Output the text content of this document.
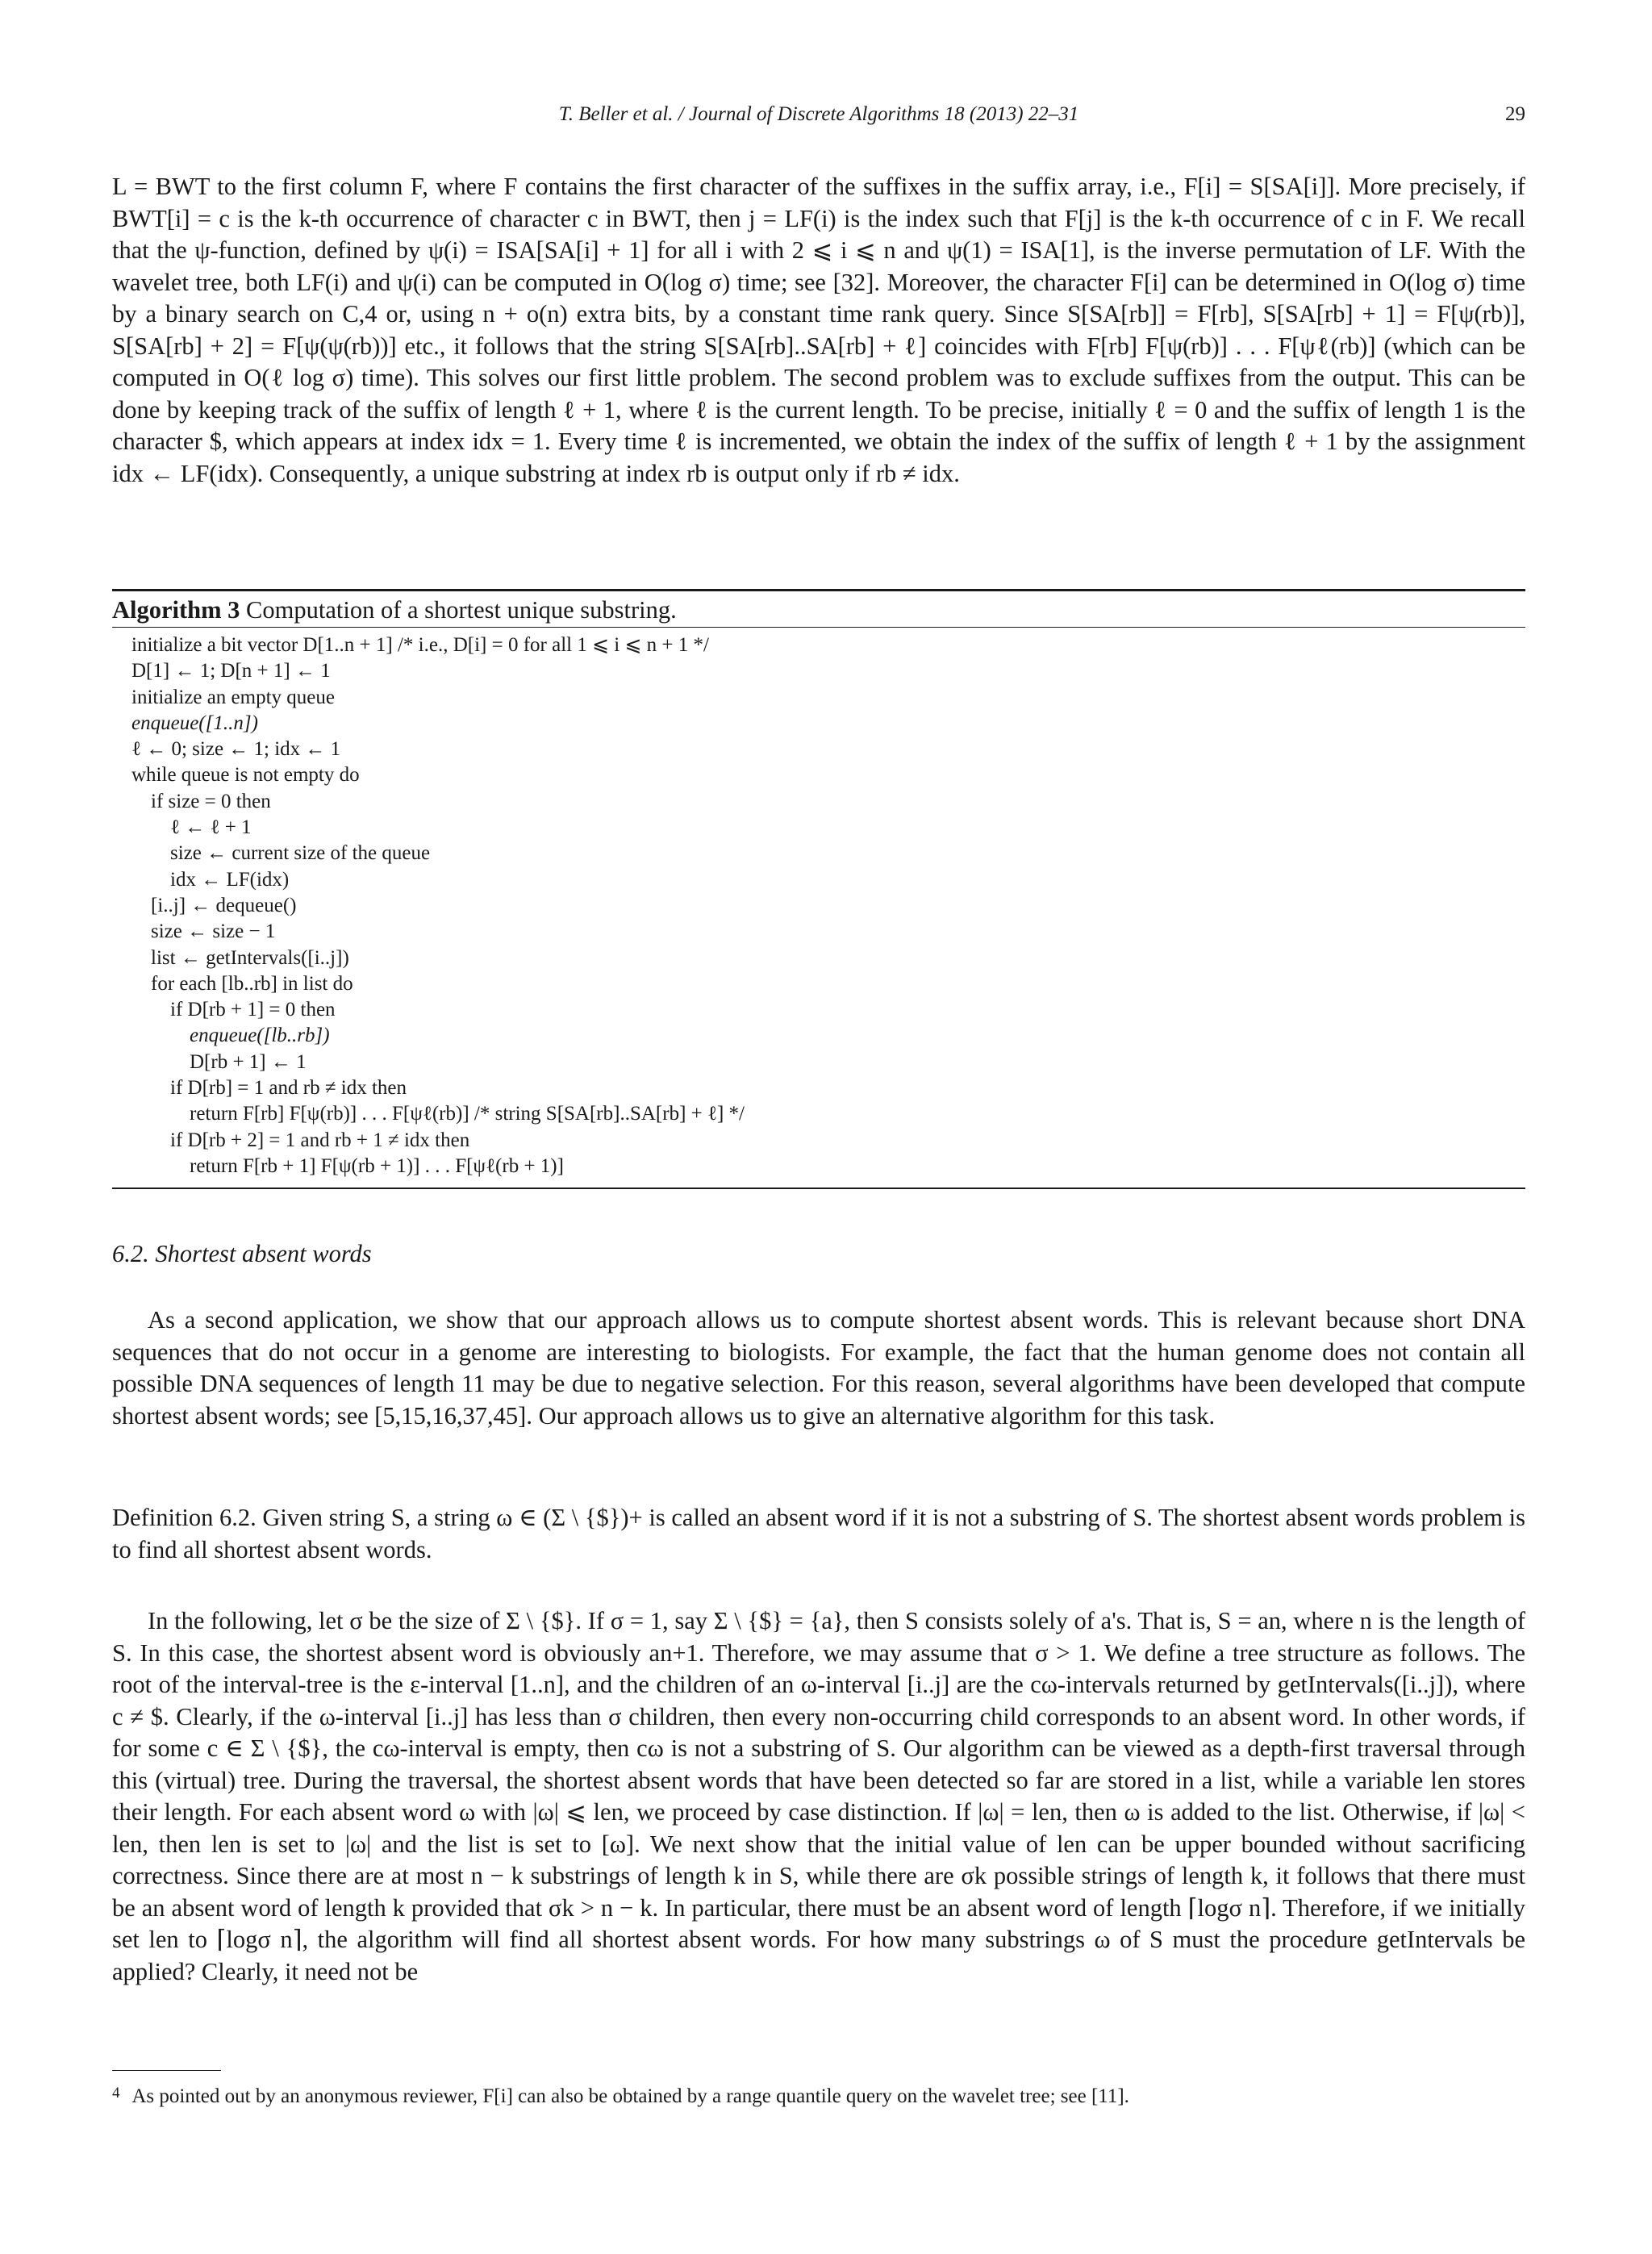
T. Beller et al. / Journal of Discrete Algorithms 18 (2013) 22–31	29

L = BWT to the first column F, where F contains the first character of the suffixes in the suffix array, i.e., F[i] = S[SA[i]]. More precisely, if BWT[i] = c is the k-th occurrence of character c in BWT, then j = LF(i) is the index such that F[j] is the k-th occurrence of c in F. We recall that the ψ-function, defined by ψ(i) = ISA[SA[i] + 1] for all i with 2 ⩽ i ⩽ n and ψ(1) = ISA[1], is the inverse permutation of LF. With the wavelet tree, both LF(i) and ψ(i) can be computed in O(log σ) time; see [32]. Moreover, the character F[i] can be determined in O(log σ) time by a binary search on C,4 or, using n + o(n) extra bits, by a constant time rank query. Since S[SA[rb]] = F[rb], S[SA[rb] + 1] = F[ψ(rb)], S[SA[rb] + 2] = F[ψ(ψ(rb))] etc., it follows that the string S[SA[rb]..SA[rb] + ℓ] coincides with F[rb] F[ψ(rb)] . . . F[ψℓ(rb)] (which can be computed in O(ℓ log σ) time). This solves our first little problem. The second problem was to exclude suffixes from the output. This can be done by keeping track of the suffix of length ℓ + 1, where ℓ is the current length. To be precise, initially ℓ = 0 and the suffix of length 1 is the character $, which appears at index idx = 1. Every time ℓ is incremented, we obtain the index of the suffix of length ℓ + 1 by the assignment idx ← LF(idx). Consequently, a unique substring at index rb is output only if rb ≠ idx.

Algorithm 3 Computation of a shortest unique substring.
initialize a bit vector D[1..n + 1] /* i.e., D[i] = 0 for all 1 ⩽ i ⩽ n + 1 */
D[1] ← 1; D[n + 1] ← 1
initialize an empty queue
enqueue([1..n])
ℓ ← 0; size ← 1; idx ← 1
while queue is not empty do
if size = 0 then
ℓ ← ℓ + 1
size ← current size of the queue
idx ← LF(idx)
[i..j] ← dequeue()
size ← size − 1
list ← getIntervals([i..j])
for each [lb..rb] in list do
if D[rb + 1] = 0 then
enqueue([lb..rb])
D[rb + 1] ← 1
if D[rb] = 1 and rb ≠ idx then
return F[rb] F[ψ(rb)] . . . F[ψℓ(rb)] /* string S[SA[rb]..SA[rb] + ℓ] */
if D[rb + 2] = 1 and rb + 1 ≠ idx then
return F[rb + 1] F[ψ(rb + 1)] . . . F[ψℓ(rb + 1)]
6.2. Shortest absent words

As a second application, we show that our approach allows us to compute shortest absent words. This is relevant because short DNA sequences that do not occur in a genome are interesting to biologists. For example, the fact that the human genome does not contain all possible DNA sequences of length 11 may be due to negative selection. For this reason, several algorithms have been developed that compute shortest absent words; see [5,15,16,37,45]. Our approach allows us to give an alternative algorithm for this task.

Definition 6.2. Given string S, a string ω ∈ (Σ \ {$})+ is called an absent word if it is not a substring of S. The shortest absent words problem is to find all shortest absent words.

In the following, let σ be the size of Σ \ {$}. If σ = 1, say Σ \ {$} = {a}, then S consists solely of a's. That is, S = an, where n is the length of S. In this case, the shortest absent word is obviously an+1. Therefore, we may assume that σ > 1. We define a tree structure as follows. The root of the interval-tree is the ε-interval [1..n], and the children of an ω-interval [i..j] are the cω-intervals returned by getIntervals([i..j]), where c ≠ $. Clearly, if the ω-interval [i..j] has less than σ children, then every non-occurring child corresponds to an absent word. In other words, if for some c ∈ Σ \ {$}, the cω-interval is empty, then cω is not a substring of S. Our algorithm can be viewed as a depth-first traversal through this (virtual) tree. During the traversal, the shortest absent words that have been detected so far are stored in a list, while a variable len stores their length. For each absent word ω with |ω| ⩽ len, we proceed by case distinction. If |ω| = len, then ω is added to the list. Otherwise, if |ω| < len, then len is set to |ω| and the list is set to [ω]. We next show that the initial value of len can be upper bounded without sacrificing correctness. Since there are at most n − k substrings of length k in S, while there are σk possible strings of length k, it follows that there must be an absent word of length k provided that σk > n − k. In particular, there must be an absent word of length ⌈logσ n⌉. Therefore, if we initially set len to ⌈logσ n⌉, the algorithm will find all shortest absent words. For how many substrings ω of S must the procedure getIntervals be applied? Clearly, it need not be

$^4$ As pointed out by an anonymous reviewer, F[i] can also be obtained by a range quantile query on the wavelet tree; see [11].
